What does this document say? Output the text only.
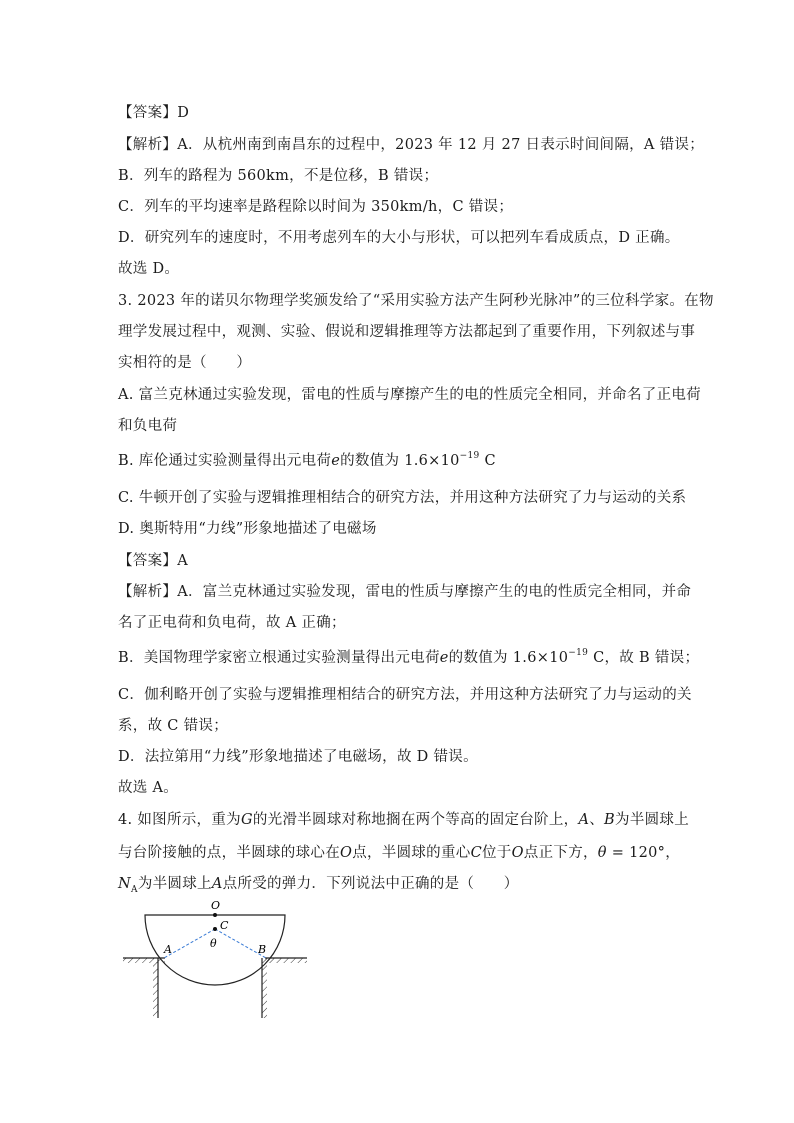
【答案】D
【解析】A．从杭州南到南昌东的过程中，2023 年 12 月 27 日表示时间间隔，A 错误；
B．列车的路程为 560km，不是位移，B 错误；
C．列车的平均速率是路程除以时间为 350km/h，C 错误；
D．研究列车的速度时，不用考虑列车的大小与形状，可以把列车看成质点，D 正确。
故选 D。
3. 2023 年的诺贝尔物理学奖颁发给了“采用实验方法产生阿秒光脉冲”的三位科学家。在物
理学发展过程中，观测、实验、假说和逻辑推理等方法都起到了重要作用，下列叙述与事
实相符的是（　　）
A. 富兰克林通过实验发现，雷电的性质与摩擦产生的电的性质完全相同，并命名了正电荷
和负电荷
B. 库伦通过实验测量得出元电荷e的数值为 $1.6\times 10^{-19}$ C
C. 牛顿开创了实验与逻辑推理相结合的研究方法，并用这种方法研究了力与运动的关系
D. 奥斯特用“力线”形象地描述了电磁场
【答案】A
【解析】A．富兰克林通过实验发现，雷电的性质与摩擦产生的电的性质完全相同，并命
名了正电荷和负电荷，故 A 正确；
B．美国物理学家密立根通过实验测量得出元电荷e的数值为 $1.6\times 10^{-19}$ C，故 B 错误；
C．伽利略开创了实验与逻辑推理相结合的研究方法，并用这种方法研究了力与运动的关
系，故 C 错误；
D．法拉第用“力线”形象地描述了电磁场，故 D 错误。
故选 A。
4. 如图所示，重为G的光滑半圆球对称地搁在两个等高的固定台阶上，A、B为半圆球上
与台阶接触的点，半圆球的球心在O点，半圆球的重心C位于O点正下方，θ = 120°，
$N_A$为半圆球上A点所受的弹力．下列说法中正确的是（　　）
O
C
θ
A	B
